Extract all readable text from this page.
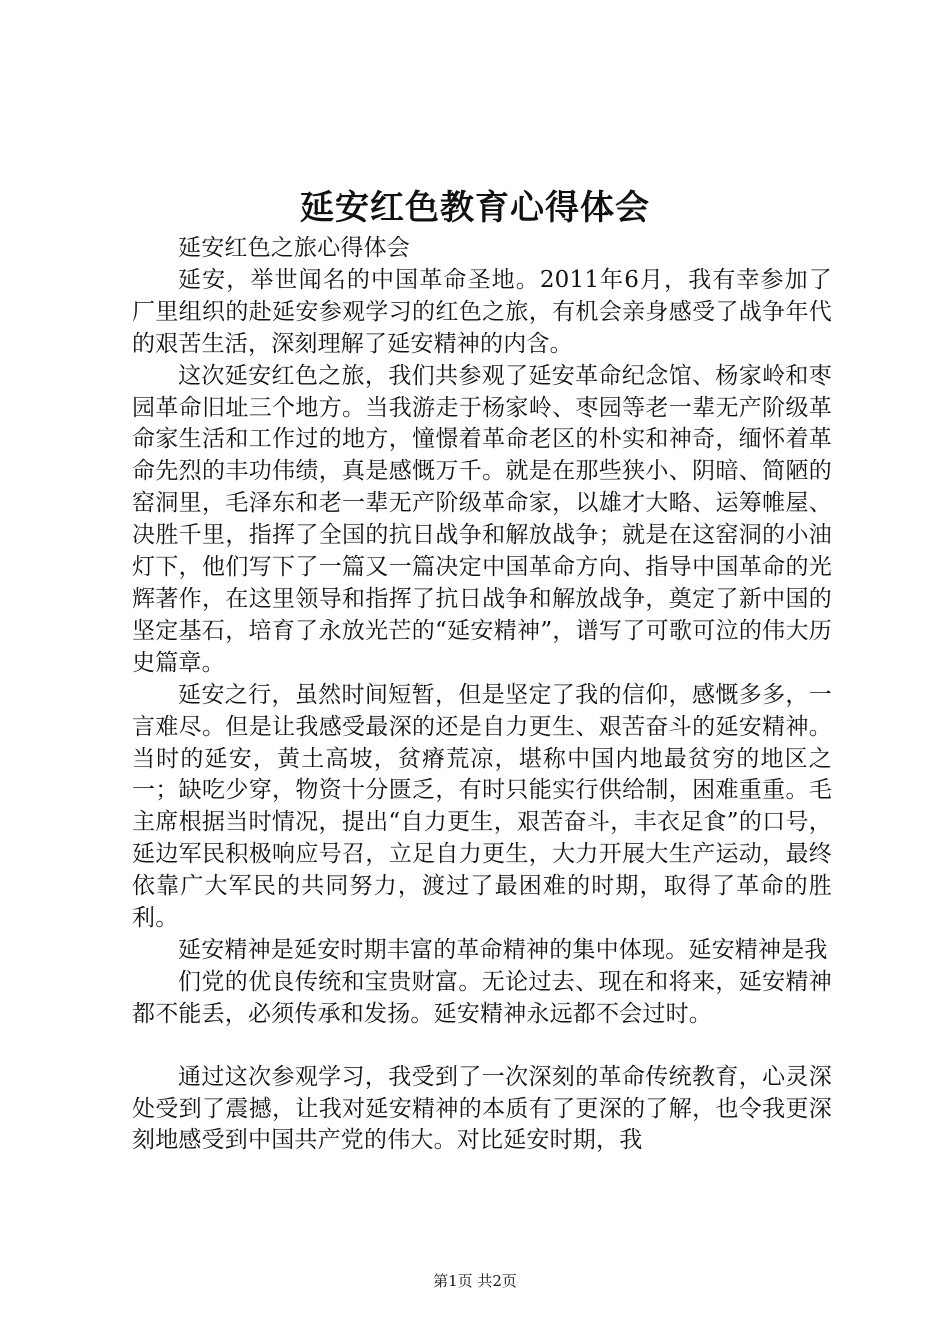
延安红色教育心得体会

延安红色之旅心得体会

延安，举世闻名的中国革命圣地。2011年6月，我有幸参加了厂里组织的赴延安参观学习的红色之旅，有机会亲身感受了战争年代的艰苦生活，深刻理解了延安精神的内含。

这次延安红色之旅，我们共参观了延安革命纪念馆、杨家岭和枣园革命旧址三个地方。当我游走于杨家岭、枣园等老一辈无产阶级革命家生活和工作过的地方，憧憬着革命老区的朴实和神奇，缅怀着革命先烈的丰功伟绩，真是感慨万千。就是在那些狭小、阴暗、简陋的窑洞里，毛泽东和老一辈无产阶级革命家，以雄才大略、运筹帷屋、决胜千里，指挥了全国的抗日战争和解放战争；就是在这窑洞的小油灯下，他们写下了一篇又一篇决定中国革命方向、指导中国革命的光辉著作，在这里领导和指挥了抗日战争和解放战争，奠定了新中国的坚定基石，培育了永放光芒的“延安精神”，谱写了可歌可泣的伟大历史篇章。

延安之行，虽然时间短暂，但是坚定了我的信仰，感慨多多，一言难尽。但是让我感受最深的还是自力更生、艰苦奋斗的延安精神。当时的延安，黄土高坡，贫瘠荒凉，堪称中国内地最贫穷的地区之一；缺吃少穿，物资十分匮乏，有时只能实行供给制，困难重重。毛主席根据当时情况，提出“自力更生，艰苦奋斗，丰衣足食”的口号，延边军民积极响应号召，立足自力更生，大力开展大生产运动，最终依靠广大军民的共同努力，渡过了最困难的时期，取得了革命的胜利。

延安精神是延安时期丰富的革命精神的集中体现。延安精神是我

们党的优良传统和宝贵财富。无论过去、现在和将来，延安精神都不能丢，必须传承和发扬。延安精神永远都不会过时。

通过这次参观学习，我受到了一次深刻的革命传统教育，心灵深处受到了震撼，让我对延安精神的本质有了更深的了解，也令我更深刻地感受到中国共产党的伟大。对比延安时期，我

第1页 共2页
